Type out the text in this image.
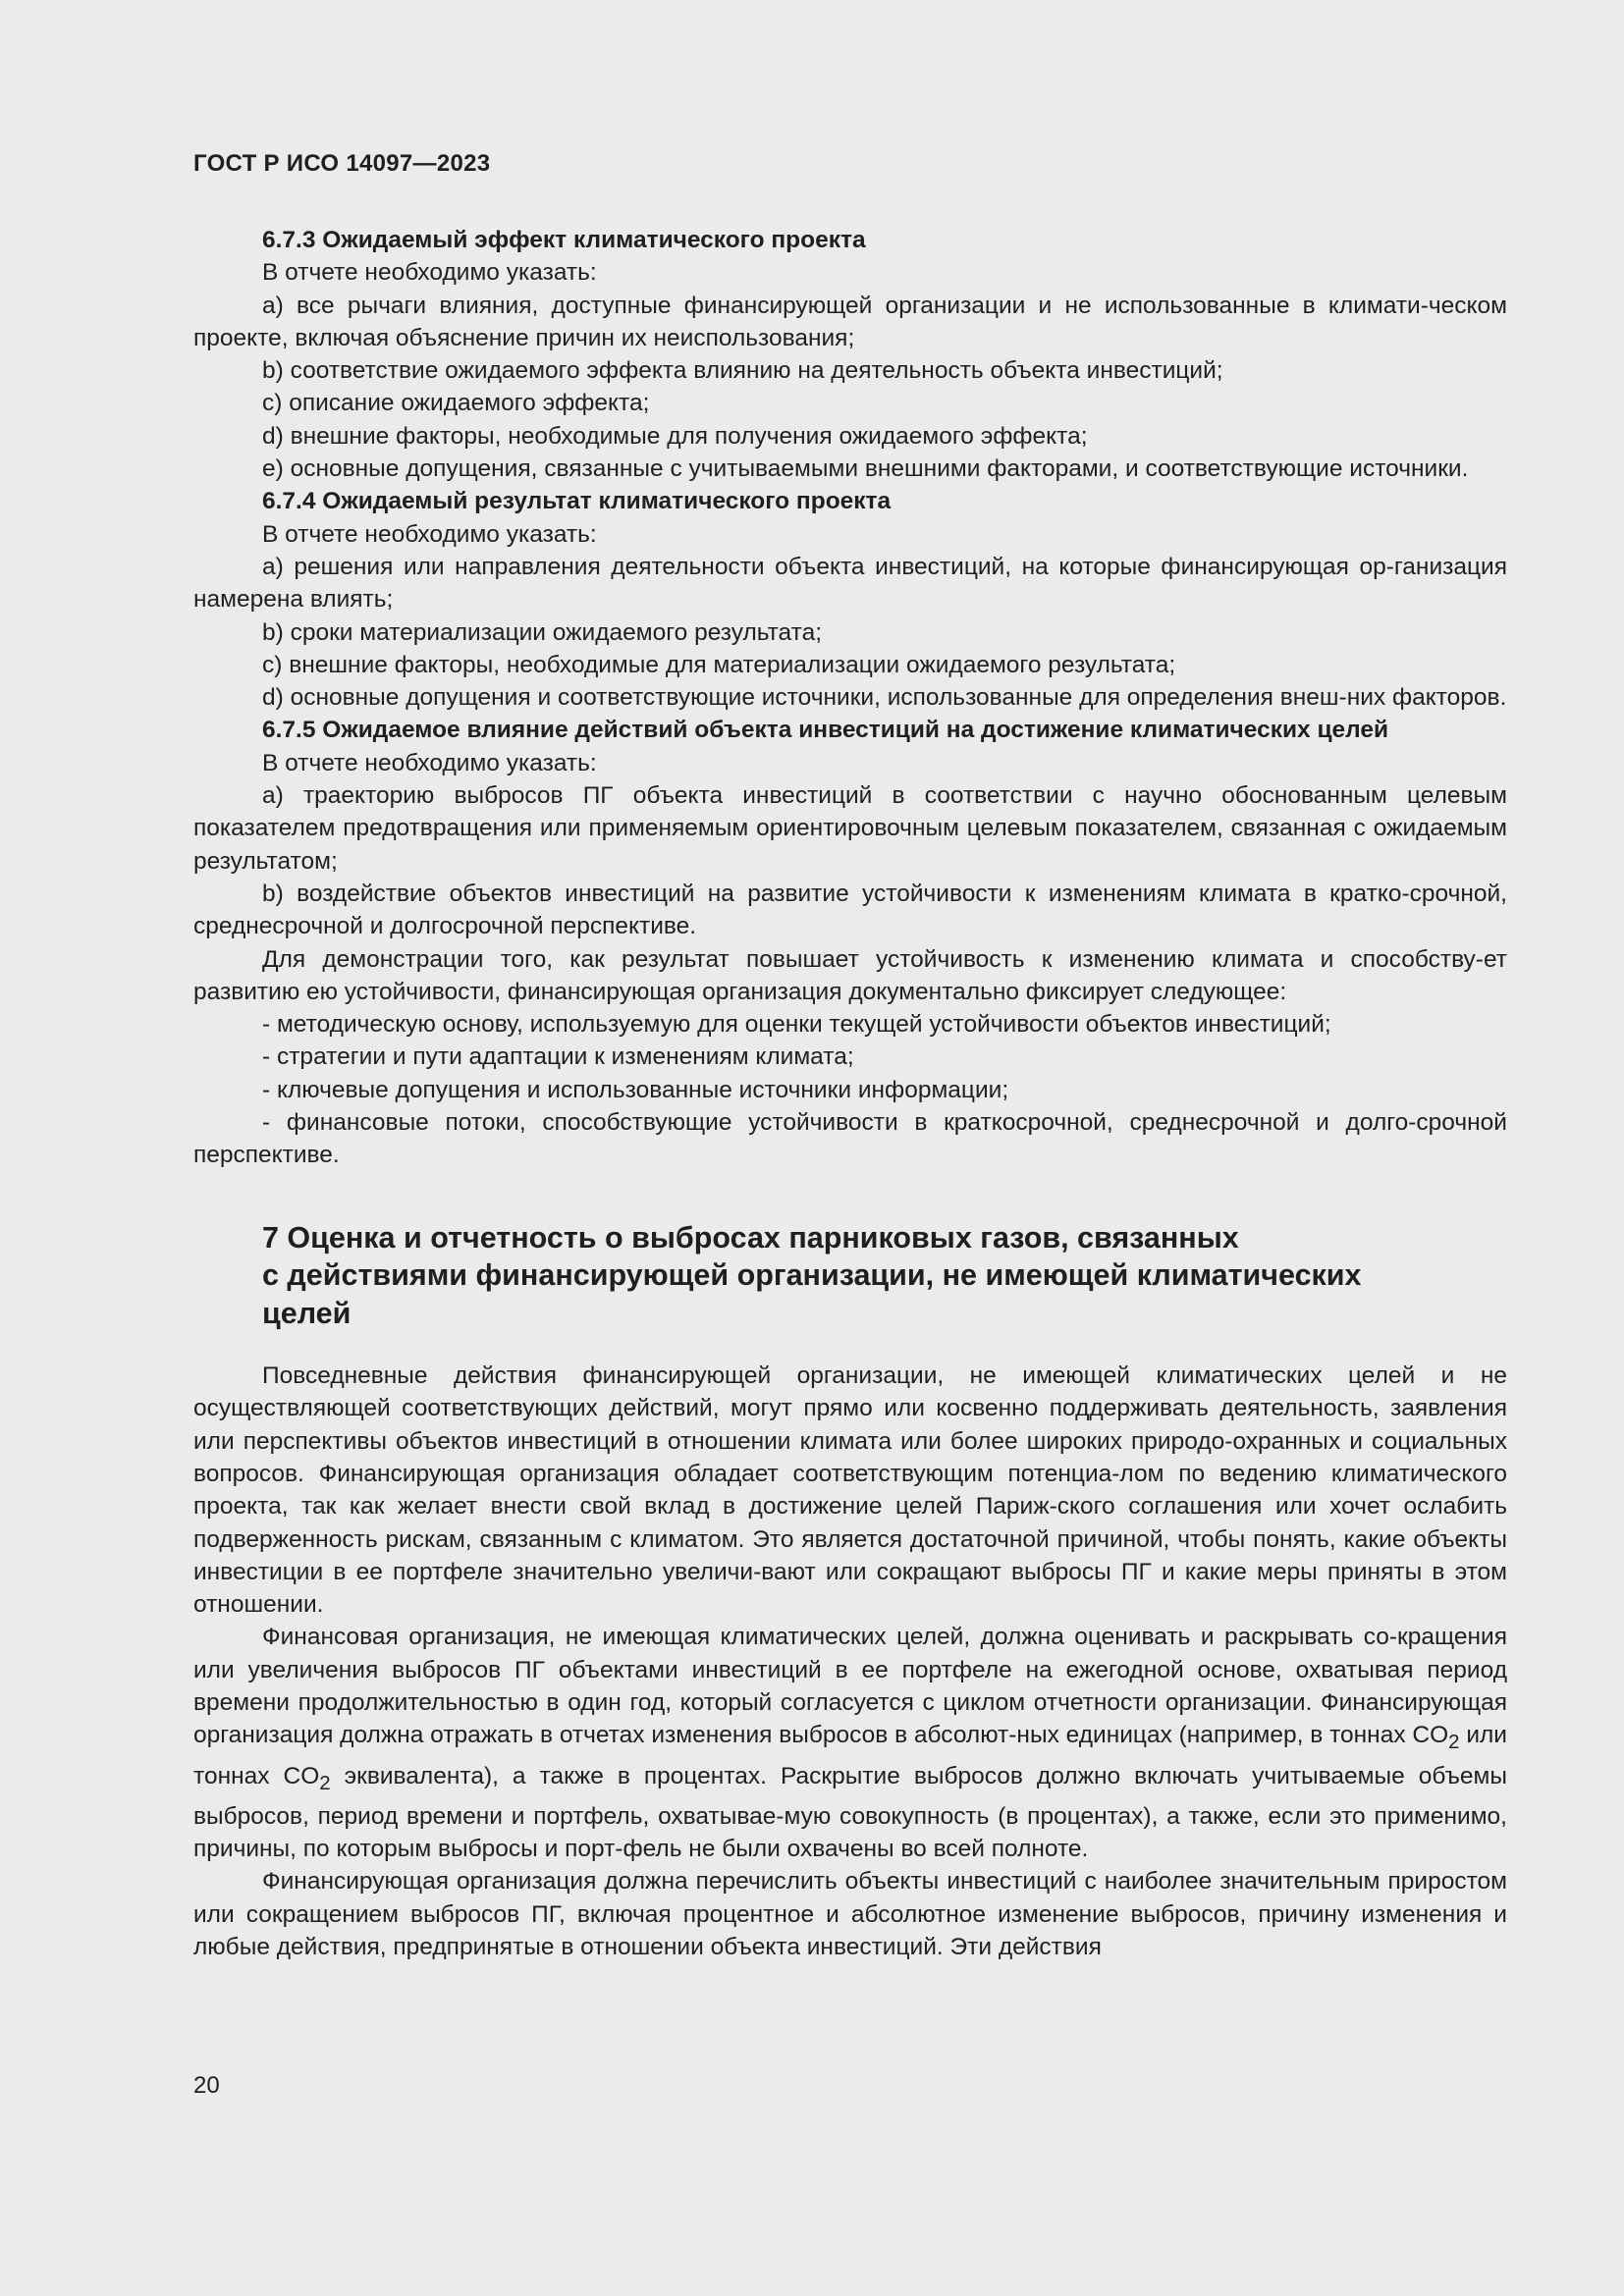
ГОСТ Р ИСО 14097—2023

6.7.3 Ожидаемый эффект климатического проекта

В отчете необходимо указать:

a) все рычаги влияния, доступные финансирующей организации и не использованные в климати-ческом проекте, включая объяснение причин их неиспользования;

b) соответствие ожидаемого эффекта влиянию на деятельность объекта инвестиций;

c) описание ожидаемого эффекта;

d) внешние факторы, необходимые для получения ожидаемого эффекта;

e) основные допущения, связанные с учитываемыми внешними факторами, и соответствующие источники.

6.7.4 Ожидаемый результат климатического проекта

В отчете необходимо указать:

a) решения или направления деятельности объекта инвестиций, на которые финансирующая ор-ганизация намерена влиять;

b) сроки материализации ожидаемого результата;

c) внешние факторы, необходимые для материализации ожидаемого результата;

d) основные допущения и соответствующие источники, использованные для определения внеш-них факторов.

6.7.5 Ожидаемое влияние действий объекта инвестиций на достижение климатических целей

В отчете необходимо указать:

a) траекторию выбросов ПГ объекта инвестиций в соответствии с научно обоснованным целевым показателем предотвращения или применяемым ориентировочным целевым показателем, связанная с ожидаемым результатом;

b) воздействие объектов инвестиций на развитие устойчивости к изменениям климата в кратко-срочной, среднесрочной и долгосрочной перспективе.

Для демонстрации того, как результат повышает устойчивость к изменению климата и способству-ет развитию ею устойчивости, финансирующая организация документально фиксирует следующее:

- методическую основу, используемую для оценки текущей устойчивости объектов инвестиций;

- стратегии и пути адаптации к изменениям климата;

- ключевые допущения и использованные источники информации;

- финансовые потоки, способствующие устойчивости в краткосрочной, среднесрочной и долго-срочной перспективе.

7 Оценка и отчетность о выбросах парниковых газов, связанных
с действиями финансирующей организации, не имеющей климатических
целей

Повседневные действия финансирующей организации, не имеющей климатических целей и не осуществляющей соответствующих действий, могут прямо или косвенно поддерживать деятельность, заявления или перспективы объектов инвестиций в отношении климата или более широких природо-охранных и социальных вопросов. Финансирующая организация обладает соответствующим потенциа-лом по ведению климатического проекта, так как желает внести свой вклад в достижение целей Париж-ского соглашения или хочет ослабить подверженность рискам, связанным с климатом. Это является достаточной причиной, чтобы понять, какие объекты инвестиции в ее портфеле значительно увеличи-вают или сокращают выбросы ПГ и какие меры приняты в этом отношении.

Финансовая организация, не имеющая климатических целей, должна оценивать и раскрывать со-кращения или увеличения выбросов ПГ объектами инвестиций в ее портфеле на ежегодной основе, охватывая период времени продолжительностью в один год, который согласуется с циклом отчетности организации. Финансирующая организация должна отражать в отчетах изменения выбросов в абсолют-ных единицах (например, в тоннах $CO_2$ или тоннах $CO_2$ эквивалента), а также в процентах. Раскрытие выбросов должно включать учитываемые объемы выбросов, период времени и портфель, охватывае-мую совокупность (в процентах), а также, если это применимо, причины, по которым выбросы и порт-фель не были охвачены во всей полноте.

Финансирующая организация должна перечислить объекты инвестиций с наиболее значительным приростом или сокращением выбросов ПГ, включая процентное и абсолютное изменение выбросов, причину изменения и любые действия, предпринятые в отношении объекта инвестиций. Эти действия

20
